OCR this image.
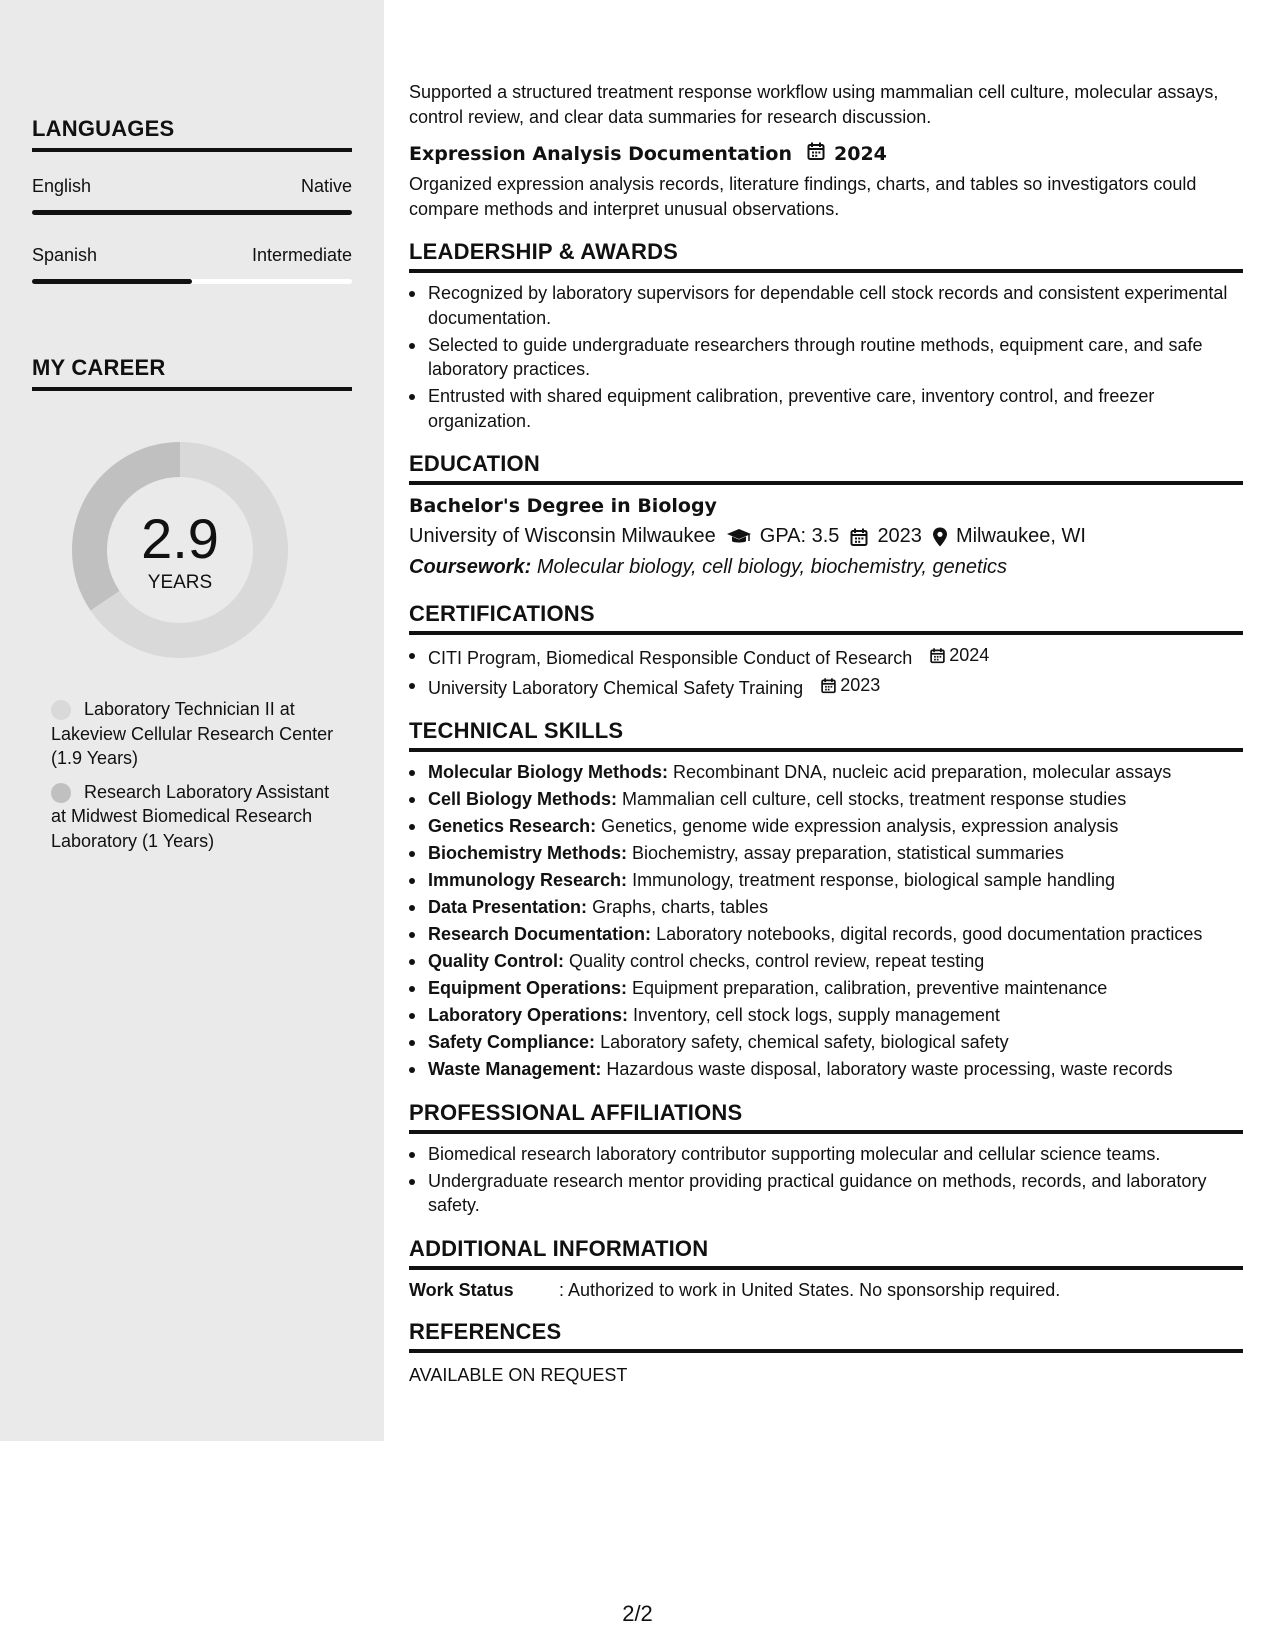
LANGUAGES
English	Native
Spanish	Intermediate
MY CAREER
2.9
YEARS
Laboratory Technician II at Lakeview Cellular Research Center (1.9 Years)
Research Laboratory Assistant at Midwest Biomedical Research Laboratory (1 Years)
Supported a structured treatment response workflow using mammalian cell culture, molecular assays, control review, and clear data summaries for research discussion.
Expression Analysis Documentation 2024
Organized expression analysis records, literature findings, charts, and tables so investigators could compare methods and interpret unusual observations.
LEADERSHIP & AWARDS
Recognized by laboratory supervisors for dependable cell stock records and consistent experimental documentation.
Selected to guide undergraduate researchers through routine methods, equipment care, and safe laboratory practices.
Entrusted with shared equipment calibration, preventive care, inventory control, and freezer organization.
EDUCATION
Bachelor's Degree in Biology
University of Wisconsin Milwaukee GPA: 3.5 2023 Milwaukee, WI
Coursework: Molecular biology, cell biology, biochemistry, genetics
CERTIFICATIONS
CITI Program, Biomedical Responsible Conduct of Research 2024
University Laboratory Chemical Safety Training 2023
TECHNICAL SKILLS
Molecular Biology Methods: Recombinant DNA, nucleic acid preparation, molecular assays
Cell Biology Methods: Mammalian cell culture, cell stocks, treatment response studies
Genetics Research: Genetics, genome wide expression analysis, expression analysis
Biochemistry Methods: Biochemistry, assay preparation, statistical summaries
Immunology Research: Immunology, treatment response, biological sample handling
Data Presentation: Graphs, charts, tables
Research Documentation: Laboratory notebooks, digital records, good documentation practices
Quality Control: Quality control checks, control review, repeat testing
Equipment Operations: Equipment preparation, calibration, preventive maintenance
Laboratory Operations: Inventory, cell stock logs, supply management
Safety Compliance: Laboratory safety, chemical safety, biological safety
Waste Management: Hazardous waste disposal, laboratory waste processing, waste records
PROFESSIONAL AFFILIATIONS
Biomedical research laboratory contributor supporting molecular and cellular science teams.
Undergraduate research mentor providing practical guidance on methods, records, and laboratory safety.
ADDITIONAL INFORMATION
Work Status	: Authorized to work in United States. No sponsorship required.
REFERENCES
AVAILABLE ON REQUEST
2/2
